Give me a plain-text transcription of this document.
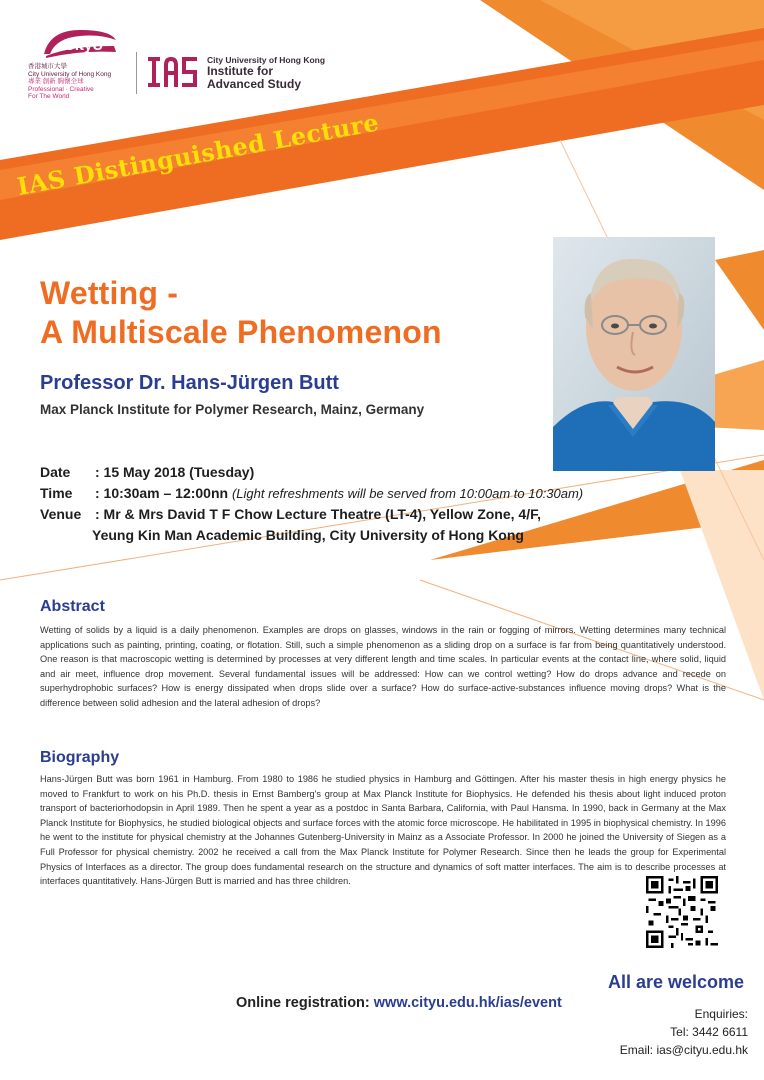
CityU
香港城市大學
City University of Hong Kong
專業 創新 胸懷全球
Professional · Creative
For The World
City University of Hong Kong
Institute for
Advanced Study
IAS Distinguished Lecture
Wetting -
A Multiscale Phenomenon
Professor Dr. Hans-Jürgen Butt
Max Planck Institute for Polymer Research, Mainz, Germany
Date : 15 May 2018 (Tuesday)
Time : 10:30am – 12:00nn (Light refreshments will be served from 10:00am to 10:30am)
Venue : Mr & Mrs David T F Chow Lecture Theatre (LT-4), Yellow Zone, 4/F,
Yeung Kin Man Academic Building, City University of Hong Kong
Abstract
Wetting of solids by a liquid is a daily phenomenon. Examples are drops on glasses, windows in the rain or fogging of mirrors. Wetting determines many technical applications such as painting, printing, coating, or flotation. Still, such a simple phenomenon as a sliding drop on a surface is far from being quantitatively understood. One reason is that macroscopic wetting is determined by processes at very different length and time scales. In particular events at the contact line, where solid, liquid and air meet, influence drop movement. Several fundamental issues will be addressed: How can we control wetting? How do drops advance and recede on superhydrophobic surfaces? How is energy dissipated when drops slide over a surface? How do surface-active-substances influence moving drops? What is the difference between solid adhesion and the lateral adhesion of drops?
Biography
Hans-Jürgen Butt was born 1961 in Hamburg. From 1980 to 1986 he studied physics in Hamburg and Göttingen. After his master thesis in high energy physics he moved to Frankfurt to work on his Ph.D. thesis in Ernst Bamberg's group at Max Planck Institute for Biophysics. He defended his thesis about light induced proton transport of bacteriorhodopsin in April 1989. Then he spent a year as a postdoc in Santa Barbara, California, with Paul Hansma. In 1990, back in Germany at the Max Planck Institute for Biophysics, he studied biological objects and surface forces with the atomic force microscope. He habilitated in 1995 in biophysical chemistry. In 1996 he went to the institute for physical chemistry at the Johannes Gutenberg-University in Mainz as a Associate Professor. In 2000 he joined the University of Siegen as a Full Professor for physical chemistry. 2002 he received a call from the Max Planck Institute for Polymer Research. Since then he leads the group for Experimental Physics of Interfaces as a director. The group does fundamental research on the structure and dynamics of soft matter interfaces. The aim is to describe processes at interfaces quantitatively. Hans-Jürgen Butt is married and has three children.
All are welcome
Enquiries:
Tel: 3442 6611
Email: ias@cityu.edu.hk
Online registration: www.cityu.edu.hk/ias/event
